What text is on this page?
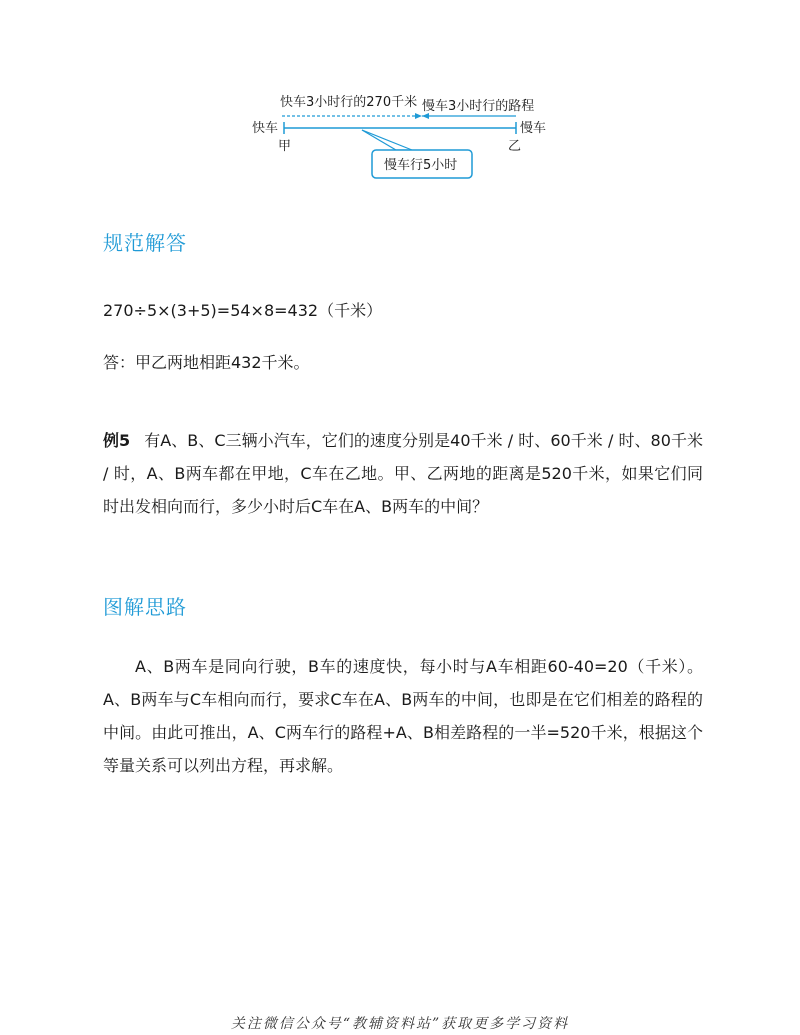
快车3小时行的270千米 慢车3小时行的路程
快车	慢车
甲	乙
慢车行5小时
规范解答

270÷5×(3+5)=54×8=432（千米）

答：甲乙两地相距432千米。

例5 有A、B、C三辆小汽车，它们的速度分别是40千米 / 时、60千米 / 时、80千米 / 时，A、B两车都在甲地，C车在乙地。甲、乙两地的距离是520千米，如果它们同时出发相向而行，多少小时后C车在A、B两车的中间？

图解思路

A、B两车是同向行驶，B车的速度快，每小时与A车相距60-40=20（千米）。A、B两车与C车相向而行，要求C车在A、B两车的中间，也即是在它们相差的路程的中间。由此可推出，A、C两车行的路程+A、B相差路程的一半=520千米，根据这个等量关系可以列出方程，再求解。

关注微信公众号“教辅资料站”获取更多学习资料
